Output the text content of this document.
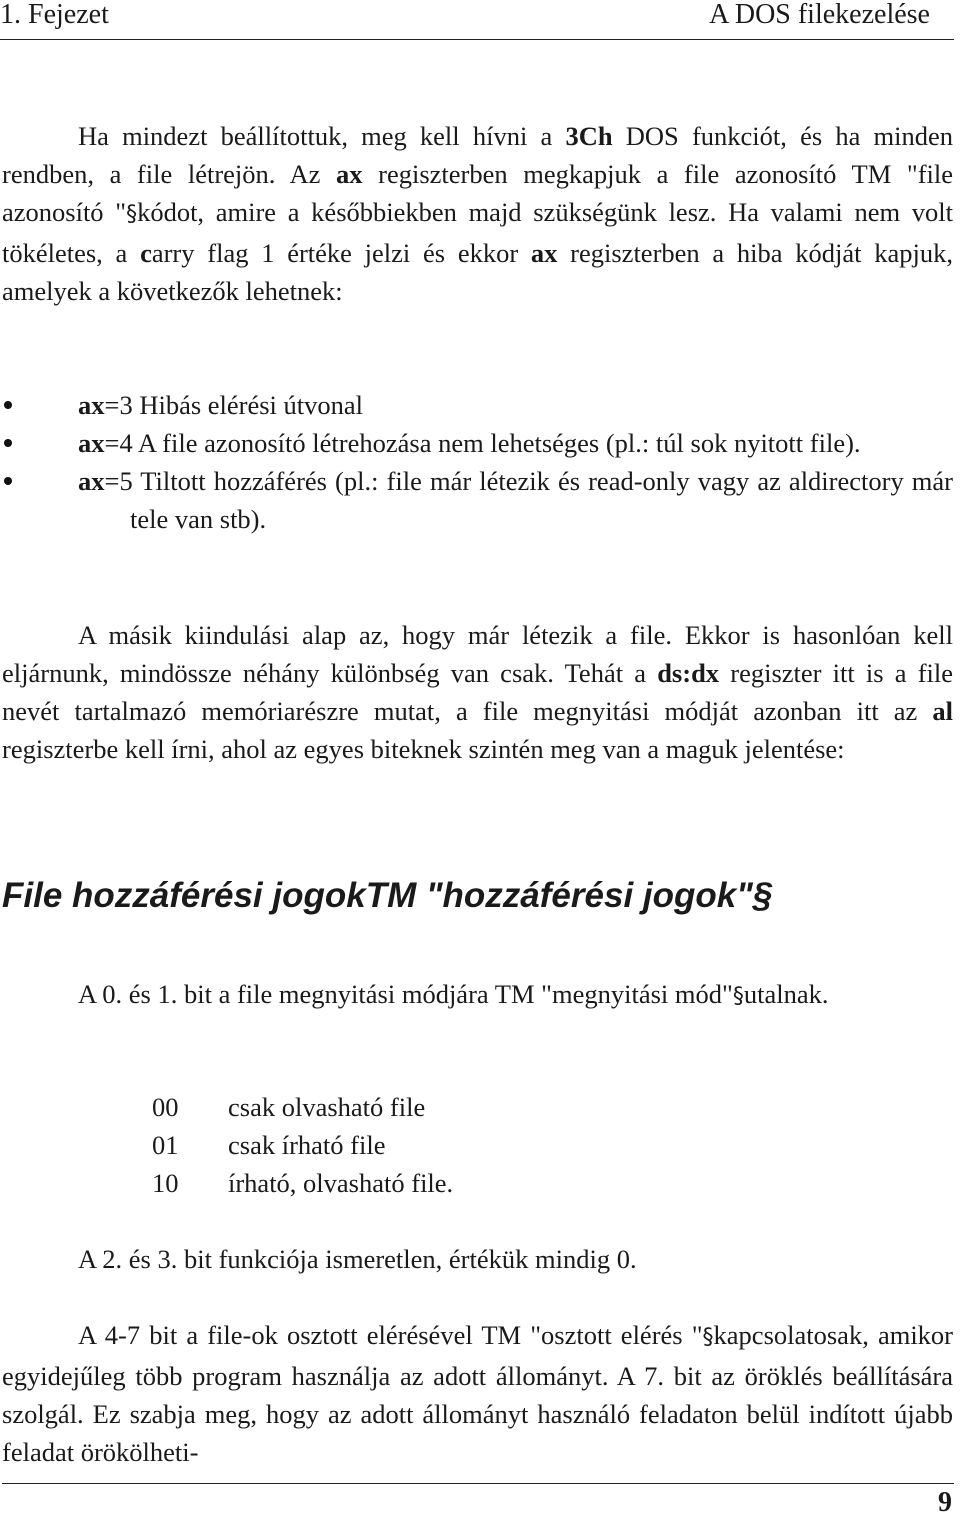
1. Fejezet	A DOS filekezelése

Ha mindezt beállítottuk, meg kell hívni a 3Ch DOS funkciót, és ha minden rendben, a file létrejön. Az ax regiszterben megkapjuk a file azonosító TM "file azonosító "§kódot, amire a későbbiekben majd szükségünk lesz. Ha valami nem volt tökéletes, a carry flag 1 értéke jelzi és ekkor ax regiszterben a hiba kódját kapjuk, amelyek a következők lehetnek:

ax=3 Hibás elérési útvonal
ax=4 A file azonosító létrehozása nem lehetséges (pl.: túl sok nyitott file).
ax=5 Tiltott hozzáférés (pl.: file már létezik és read-only vagy az aldirectory már tele van stb).

A másik kiindulási alap az, hogy már létezik a file. Ekkor is hasonlóan kell eljárnunk, mindössze néhány különbség van csak. Tehát a ds:dx regiszter itt is a file nevét tartalmazó memóriarészre mutat, a file megnyitási módját azonban itt az al regiszterbe kell írni, ahol az egyes biteknek szintén meg van a maguk jelentése:

File hozzáférési jogokTM "hozzáférési jogok"§

A 0. és 1. bit a file megnyitási módjára TM "megnyitási mód"§utalnak.

00	csak olvasható file
01	csak írható file
10	írható, olvasható file.

A 2. és 3. bit funkciója ismeretlen, értékük mindig 0.

A 4-7 bit a file-ok osztott elérésével TM "osztott elérés "§kapcsolatosak, amikor egyidejűleg több program használja az adott állományt. A 7. bit az öröklés beállítására szolgál. Ez szabja meg, hogy az adott állományt használó feladaton belül indított újabb feladat örökölheti-

9
